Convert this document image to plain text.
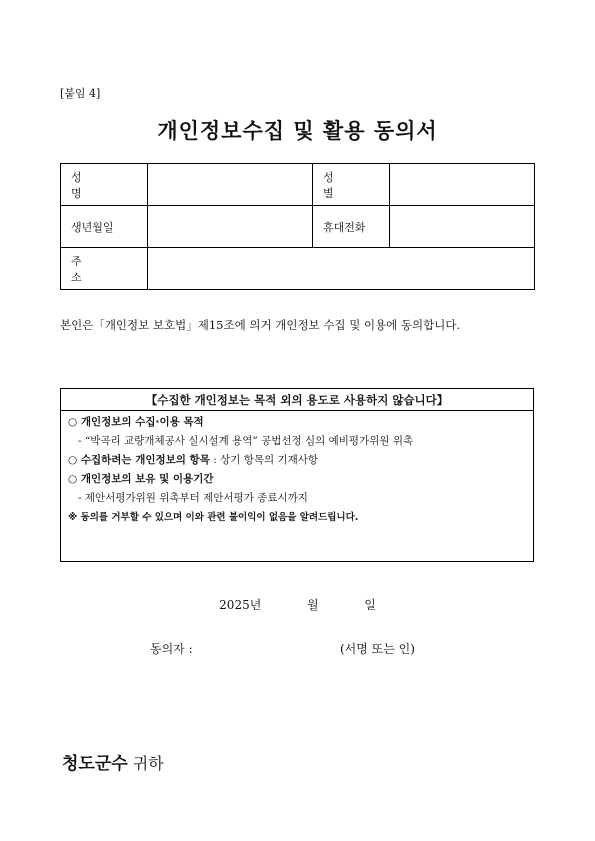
[붙임 4]
개인정보수집 및 활용 동의서
성 명		성 별	
생년월일		휴대전화	
주 소			
본인은「개인정보 보호법」제15조에 의거 개인정보 수집 및 이용에 동의합니다.
【수집한 개인정보는 목적 외의 용도로 사용하지 않습니다】
○ 개인정보의 수집·이용 목적
- “박곡리 교량개체공사 실시설계 용역” 공법선정 심의 예비평가위원 위촉
○ 수집하려는 개인정보의 항목 : 상기 항목의 기재사항
○ 개인정보의 보유 및 이용기간
- 제안서평가위원 위촉부터 제안서평가 종료시까지
※ 동의를 거부할 수 있으며 이와 관련 불이익이 없음을 알려드립니다.
2025년	월	일
동의자 :	(서명 또는 인)
청도군수 귀하
